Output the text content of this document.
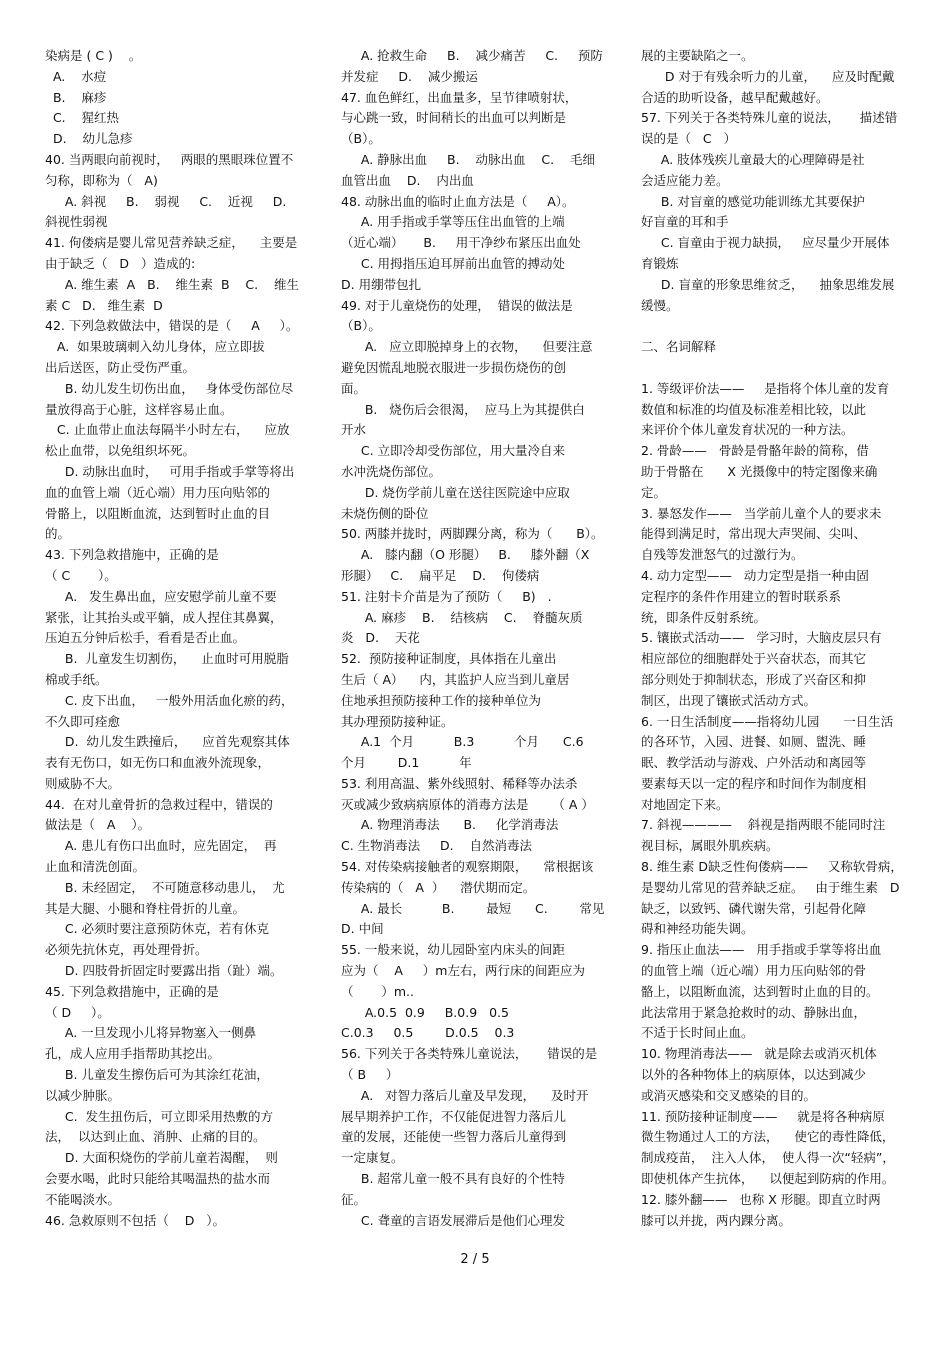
染病是 ( C )    。
A.    水痘
B.    麻疹
C.    猩红热
D.    幼儿急疹
40. 当两眼向前视时，   两眼的黑眼珠位置不
匀称，即称为（   A)
A. 斜视     B.    弱视     C.    近视     D.
斜视性弱视
41. 佝偻病是婴儿常见营养缺乏症，    主要是
由于缺乏（   D   ）造成的:
A. 维生素  A   B.    维生素  B    C.    维生
素 C   D.   维生素  D
42. 下列急救做法中，错误的是（     A     ）。
A.  如果玻璃刺入幼儿身体，应立即拔
出后送医，防止受伤严重。
B. 幼儿发生切伤出血，   身体受伤部位尽
量放得高于心脏，这样容易止血。
C. 止血带止血法每隔半小时左右，    应放
松止血带，以免组织坏死。
D. 动脉出血时，   可用手指或手掌等将出
血的血管上端（近心端）用力压向贴邻的
骨骼上，以阻断血流，达到暂时止血的目
的。
43. 下列急救措施中，正确的是
（ C       ）。
A.   发生鼻出血，应安慰学前儿童不要
紧张，让其抬头或平躺，成人捏住其鼻翼，
压迫五分钟后松手，看看是否止血。
B.  儿童发生切割伤，    止血时可用脱脂
棉或手纸。
C. 皮下出血，   一般外用活血化瘀的药，
不久即可痊愈
D.  幼儿发生跌撞后，    应首先观察其体
表有无伤口，如无伤口和血液外流现象，
则威胁不大。
44.  在对儿童骨折的急救过程中，错误的
做法是（   A    ）。
A. 患儿有伤口出血时，应先固定，  再
止血和清洗创面。
B. 未经固定，  不可随意移动患儿，  尤
其是大腿、小腿和脊柱骨折的儿童。
C. 必须时要注意预防休克，若有休克
必须先抗休克，再处理骨折。
D. 四肢骨折固定时要露出指（趾）端。
45. 下列急救措施中，正确的是
（ D     ）。
A. 一旦发现小儿将异物塞入一侧鼻
孔，成人应用手指帮助其挖出。
B. 儿童发生擦伤后可为其涂红花油，
以减少肿胀。
C.  发生扭伤后，可立即采用热敷的方
法，  以达到止血、消肿、止痛的目的。
D. 大面积烧伤的学前儿童若渴醒，  则
会要水喝，此时只能给其喝温热的盐水而
不能喝淡水。
46. 急救原则不包括（    D   ）。
A. 抢救生命     B.    减少痛苦     C.     预防
并发症     D.    减少搬运
47. 血色鲜红，出血量多，呈节律喷射状，
与心跳一致，时间稍长的出血可以判断是
（B）。
A. 静脉出血     B.    动脉出血    C.    毛细
血管出血    D.    内出血
48. 动脉出血的临时止血方法是（     A）。
A. 用手指或手掌等压住出血管的上端
（近心端）     B.     用干净纱布紧压出血处
C. 用拇指压迫耳屏前出血管的搏动处
D. 用绷带包扎
49. 对于儿童烧伤的处理，  错误的做法是
（B）。
A.   应立即脱掉身上的衣物，    但要注意
避免因慌乱地脱衣服进一步损伤烧伤的创
面。
B.   烧伤后会很渴，  应马上为其提供白
开水
C. 立即冷却受伤部位，用大量冷自来
水冲洗烧伤部位。
D. 烧伤学前儿童在送往医院途中应取
未烧伤侧的卧位
50. 两膝并拢时，两脚踝分离，称为（      B）。
A.   膝内翻（O 形腿）   B.     膝外翻（X
形腿）   C.    扁平足    D.    佝偻病
51. 注射卡介苗是为了预防（     B)   .
A. 麻疹    B.    结核病    C.    脊髓灰质
炎   D.    天花
52.  预防接种证制度，具体指在儿童出
生后（ A）    内，其监护人应当到儿童居
住地承担预防接种工作的接种单位为
其办理预防接种证。
A.1  个月          B.3          个月      C.6
个月        D.1          年
53. 利用高温、紫外线照射、稀释等办法杀
灭或减少致病病原体的消毒方法是      （ A ）
A. 物理消毒法      B.     化学消毒法
C. 生物消毒法     D.    自然消毒法
54. 对传染病接触者的观察期限，    常根据该
传染病的（   A  ）    潜伏期而定。
A. 最长          B.        最短      C.        常见
D. 中间
55. 一般来说，幼儿园卧室内床头的间距
应为（    A     ）m左右，两行床的间距应为
（       ）m..
A.0.5  0.9     B.0.9   0.5
C.0.3     0.5        D.0.5    0.3
56. 下列关于各类特殊儿童说法，     错误的是
（ B     ）
A.   对智力落后儿童及早发现，    及时开
展早期养护工作，不仅能促进智力落后儿
童的发展，还能使一些智力落后儿童得到
一定康复。
B. 超常儿童一般不具有良好的个性特
征。
C. 聋童的言语发展滞后是他们心理发
展的主要缺陷之一。
D 对于有残余听力的儿童，    应及时配戴
合适的助听设备，越早配戴越好。
57. 下列关于各类特殊儿童的说法，     描述错
误的是（   C   ）
A. 肢体残疾儿童最大的心理障碍是社
会适应能力差。
B. 对盲童的感觉功能训练尤其要保护
好盲童的耳和手
C. 盲童由于视力缺损，   应尽量少开展体
育锻炼
D. 盲童的形象思维贫乏，    抽象思维发展
缓慢。
二、名词解释
1. 等级评价法——     是指将个体儿童的发育
数值和标准的均值及标准差相比较，以此
来评价个体儿童发育状况的一种方法。
2. 骨龄——   骨龄是骨骼年龄的简称，借
助于骨骼在      X 光摄像中的特定图像来确
定。
3. 暴怒发作——   当学前儿童个人的要求未
能得到满足时，常出现大声哭闹、尖叫、
自残等发泄怒气的过激行为。
4. 动力定型——   动力定型是指一种由固
定程序的条件作用建立的暂时联系系
统，即条件反射系统。
5. 镶嵌式活动——   学习时，大脑皮层只有
相应部位的细胞群处于兴奋状态，而其它
部分则处于抑制状态，形成了兴奋区和抑
制区，出现了镶嵌式活动方式。
6. 一日生活制度——指将幼儿园      一日生活
的各环节，入园、进餐、如厕、盥洗、睡
眠、教学活动与游戏、户外活动和离园等
要素每天以一定的程序和时间作为制度相
对地固定下来。
7. 斜视————    斜视是指两眼不能同时注
视目标，属眼外肌疾病。
8. 维生素 D缺乏性佝偻病——     又称软骨病，
是婴幼儿常见的营养缺乏症。   由于维生素   D
缺乏，以致钙、磷代谢失常，引起骨化障
碍和神经功能失调。
9. 指压止血法——   用手指或手掌等将出血
的血管上端（近心端）用力压向贴邻的骨
骼上，以阻断血流，达到暂时止血的目的。
此法常用于紧急抢救时的动、静脉出血，
不适于长时间止血。
10. 物理消毒法——   就是除去或消灭机体
以外的各种物体上的病原体，以达到减少
或消灭感染和交叉感染的目的。
11. 预防接种证制度——     就是将各种病原
微生物通过人工的方法，    使它的毒性降低，
制成疫苗，  注入人体，  使人得一次“轻病”，
即使机体产生抗体，    以便起到防病的作用。
12. 膝外翻——   也称 X 形腿。即直立时两
膝可以并拢，两内踝分离。
2 / 5
